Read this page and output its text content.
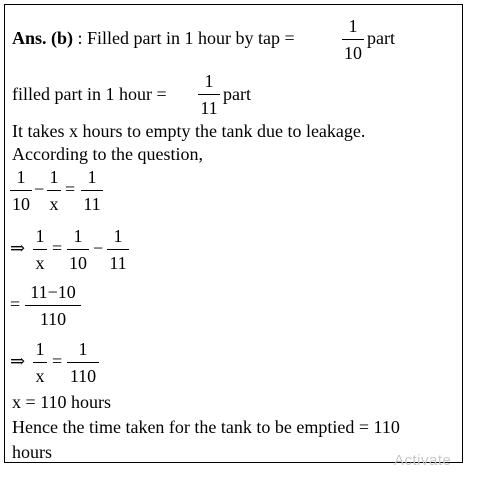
Ans. (b) : Filled part in 1 hour by tap =
1
10
part
filled part in 1 hour =
1
11
part
It takes x hours to empty the tank due to leakage.
According to the question,
1
10
−
1
x
=
1
11
⇒
1
x
=
1
10
−
1
11
=
11−10
110
⇒
1
x
=
1
110
x = 110 hours
Hence the time taken for the tank to be emptied = 110
hours	Activate
